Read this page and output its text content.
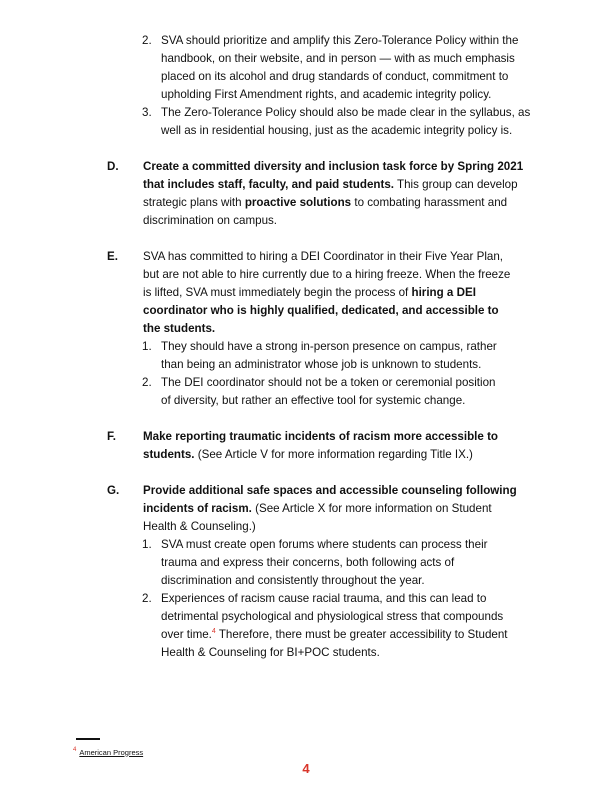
2. SVA should prioritize and amplify this Zero-Tolerance Policy within the
handbook, on their website, and in person — with as much emphasis
placed on its alcohol and drug standards of conduct, commitment to
upholding First Amendment rights, and academic integrity policy.
3. The Zero-Tolerance Policy should also be made clear in the syllabus, as
well as in residential housing, just as the academic integrity policy is.
D. Create a committed diversity and inclusion task force by Spring 2021
that includes staff, faculty, and paid students. This group can develop
strategic plans with proactive solutions to combating harassment and
discrimination on campus.
E. SVA has committed to hiring a DEI Coordinator in their Five Year Plan,
but are not able to hire currently due to a hiring freeze. When the freeze
is lifted, SVA must immediately begin the process of hiring a DEI
coordinator who is highly qualified, dedicated, and accessible to
the students.
1. They should have a strong in-person presence on campus, rather
than being an administrator whose job is unknown to students.
2. The DEI coordinator should not be a token or ceremonial position
of diversity, but rather an effective tool for systemic change.
F. Make reporting traumatic incidents of racism more accessible to
students. (See Article V for more information regarding Title IX.)
G. Provide additional safe spaces and accessible counseling following
incidents of racism. (See Article X for more information on Student
Health & Counseling.)
1. SVA must create open forums where students can process their
trauma and express their concerns, both following acts of
discrimination and consistently throughout the year.
2. Experiences of racism cause racial trauma, and this can lead to
detrimental psychological and physiological stress that compounds
over time.$^4$ Therefore, there must be greater accessibility to Student
Health & Counseling for BI+POC students.
$^4$ American Progress
4
